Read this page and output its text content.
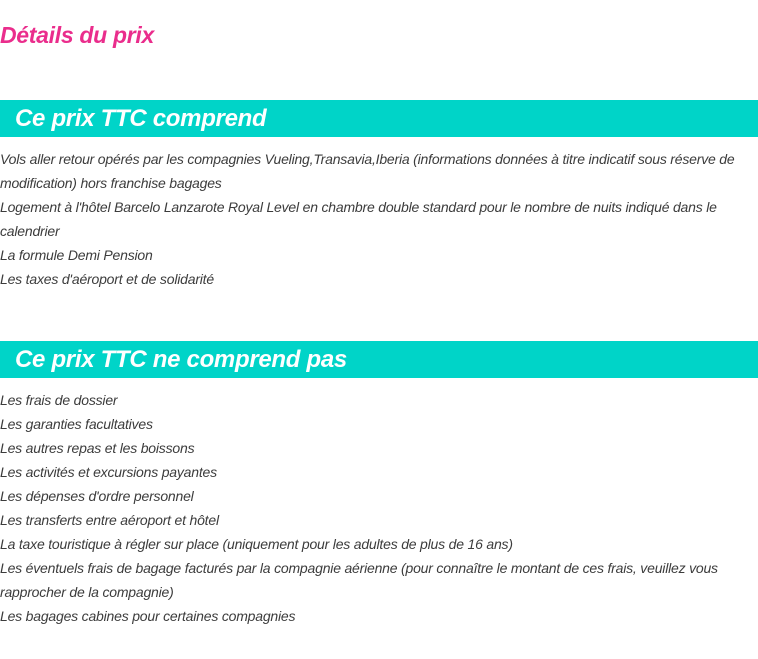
Détails du prix
Ce prix TTC comprend
Vols aller retour opérés par les compagnies Vueling,Transavia,Iberia (informations données à titre indicatif sous réserve de modification) hors franchise bagages
Logement à l'hôtel Barcelo Lanzarote Royal Level en chambre double standard pour le nombre de nuits indiqué dans le calendrier
La formule Demi Pension
Les taxes d'aéroport et de solidarité
Ce prix TTC ne comprend pas
Les frais de dossier
Les garanties facultatives
Les autres repas et les boissons
Les activités et excursions payantes
Les dépenses d'ordre personnel
Les transferts entre aéroport et hôtel
La taxe touristique à régler sur place (uniquement pour les adultes de plus de 16 ans)
Les éventuels frais de bagage facturés par la compagnie aérienne (pour connaître le montant de ces frais, veuillez vous rapprocher de la compagnie)
Les bagages cabines pour certaines compagnies
